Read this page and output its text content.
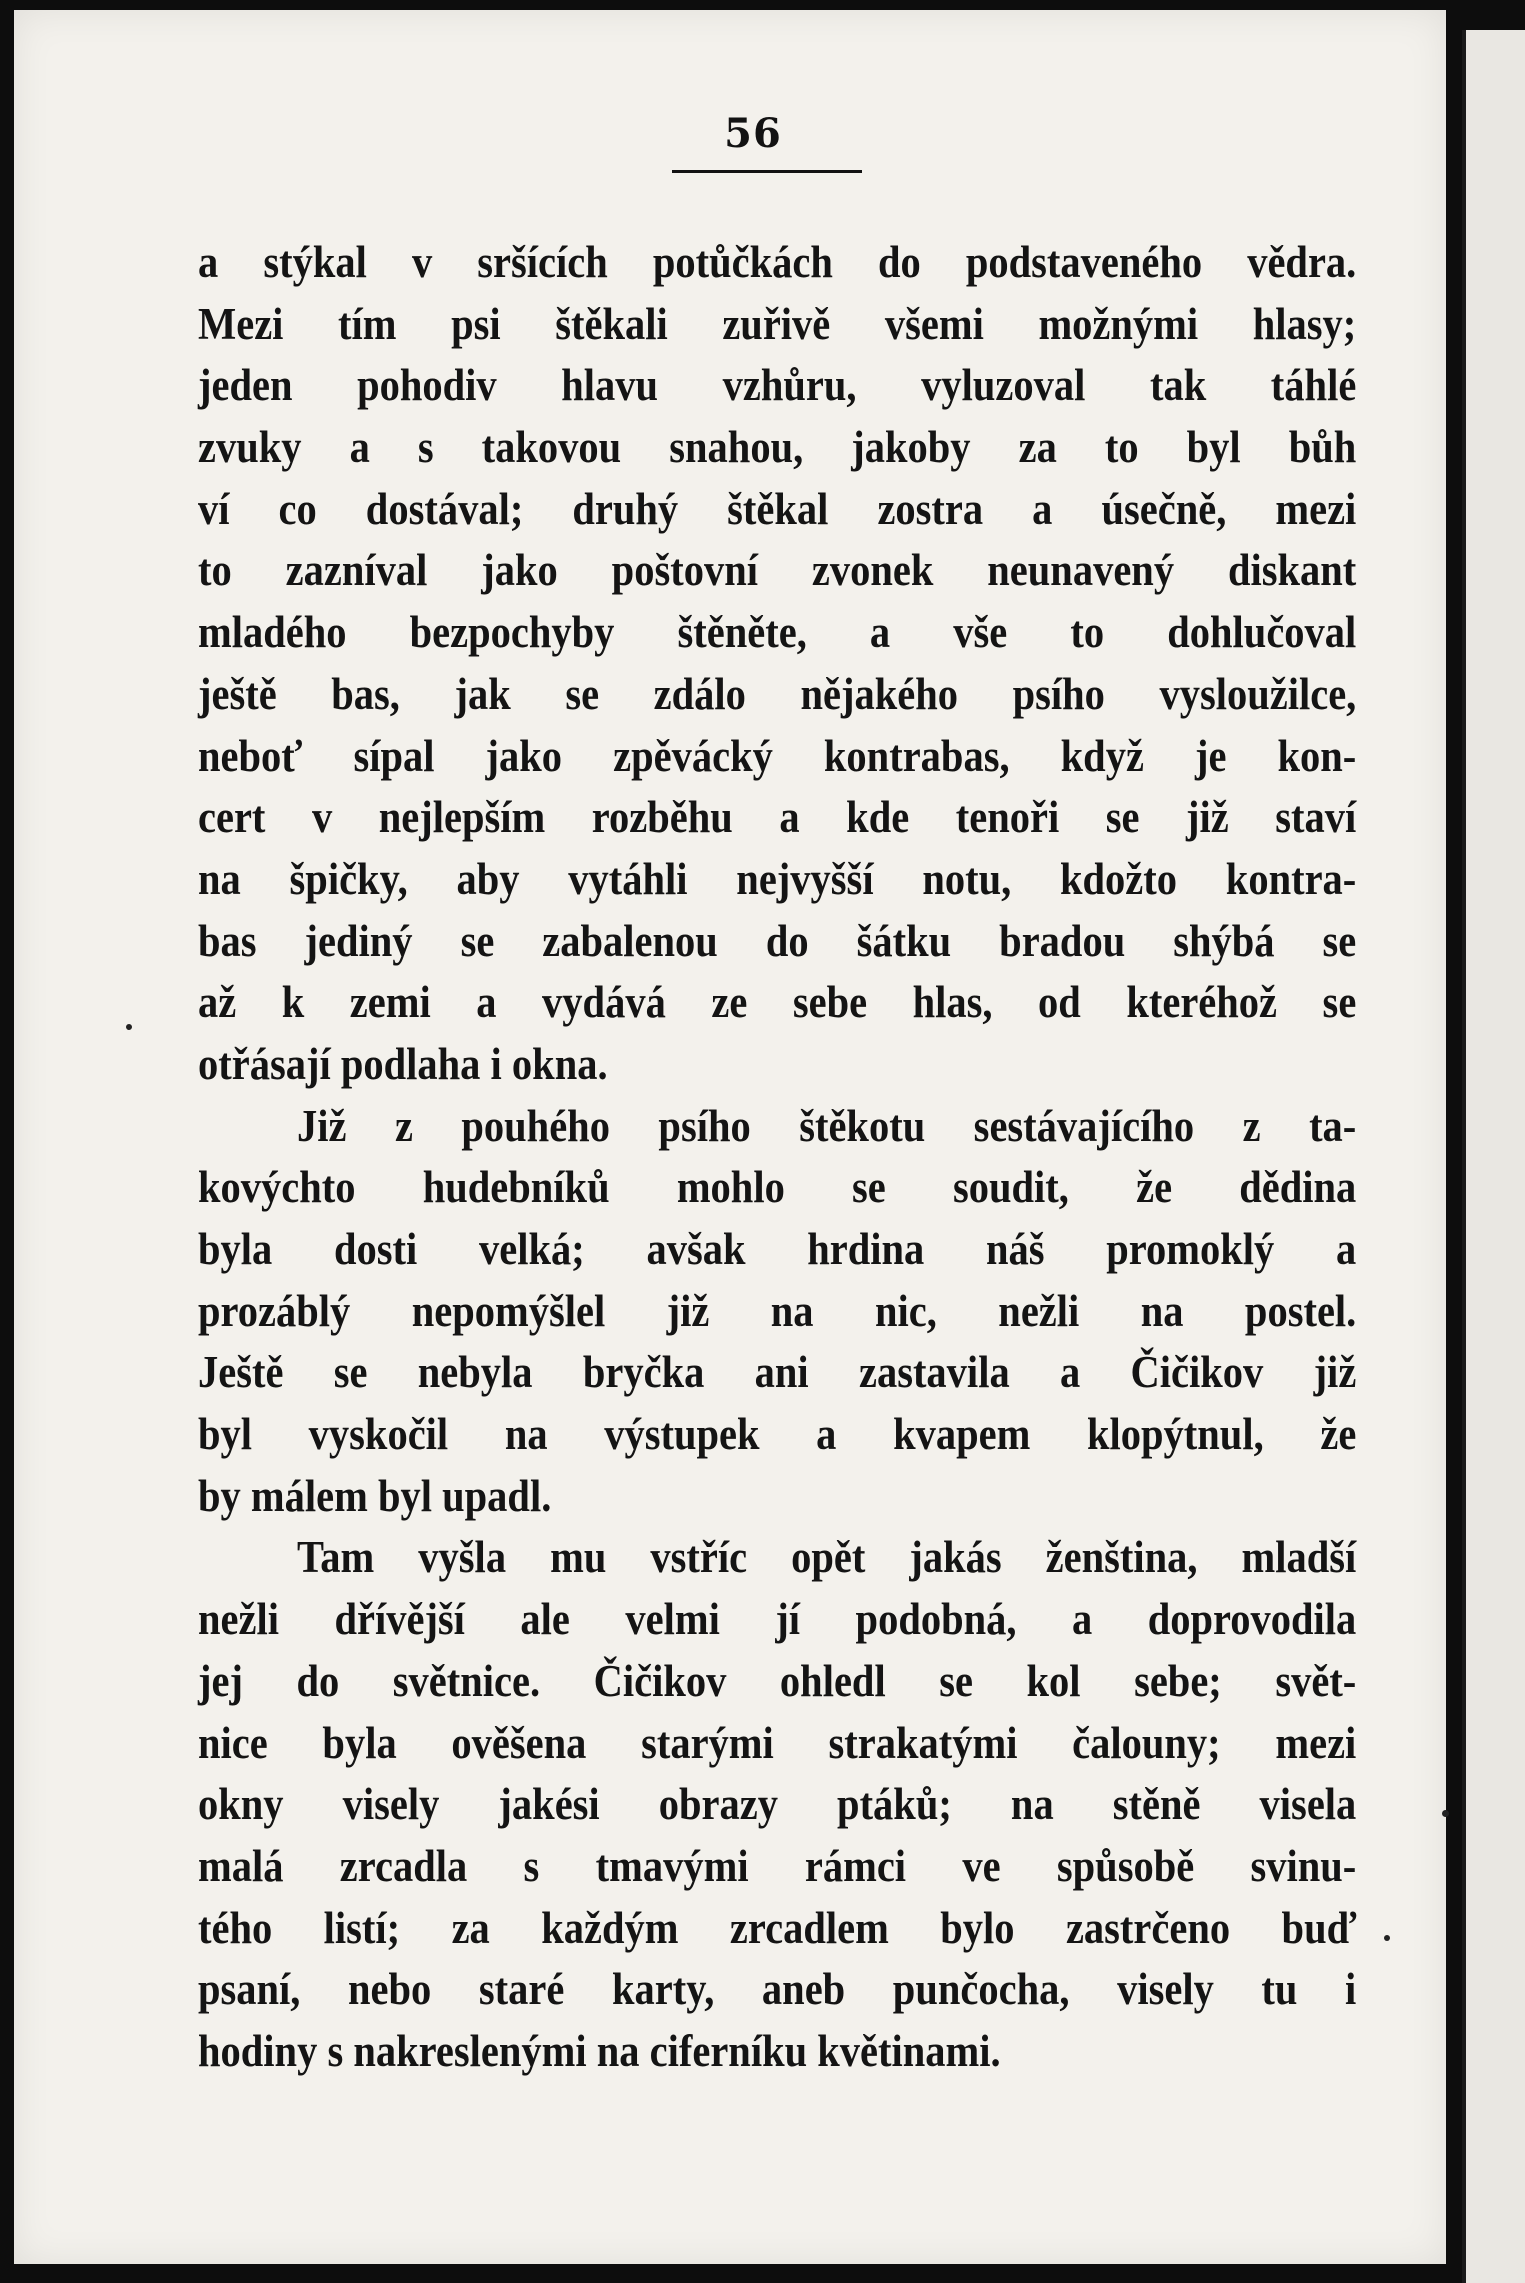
56
a stýkal v sršících potůčkách do podstaveného vědra.
Mezi tím psi štěkali zuřivě všemi možnými hlasy;
jeden pohodiv hlavu vzhůru, vyluzoval tak táhlé
zvuky a s takovou snahou, jakoby za to byl bůh
ví co dostával; druhý štěkal zostra a úsečně, mezi
to zazníval jako poštovní zvonek neunavený diskant
mladého bezpochyby štěněte, a vše to dohlučoval
ještě bas, jak se zdálo nějakého psího vysloužilce,
neboť sípal jako zpěvácký kontrabas, když je kon-
cert v nejlepším rozběhu a kde tenoři se již staví
na špičky, aby vytáhli nejvyšší notu, kdožto kontra-
bas jediný se zabalenou do šátku bradou shýbá se
až k zemi a vydává ze sebe hlas, od kteréhož se
otřásají podlaha i okna.
Již z pouhého psího štěkotu sestávajícího z ta-
kovýchto hudebníků mohlo se soudit, že dědina
byla dosti velká; avšak hrdina náš promoklý a
prozáblý nepomýšlel již na nic, nežli na postel.
Ještě se nebyla bryčka ani zastavila a Čičikov již
byl vyskočil na výstupek a kvapem klopýtnul, že
by málem byl upadl.
Tam vyšla mu vstříc opět jakás ženština, mladší
nežli dřívější ale velmi jí podobná, a doprovodila
jej do světnice. Čičikov ohledl se kol sebe; svět-
nice byla ověšena starými strakatými čalouny; mezi
okny visely jakési obrazy ptáků; na stěně visela
malá zrcadla s tmavými rámci ve spůsobě svinu-
tého listí; za každým zrcadlem bylo zastrčeno buď
psaní, nebo staré karty, aneb punčocha, visely tu i
hodiny s nakreslenými na ciferníku květinami.
